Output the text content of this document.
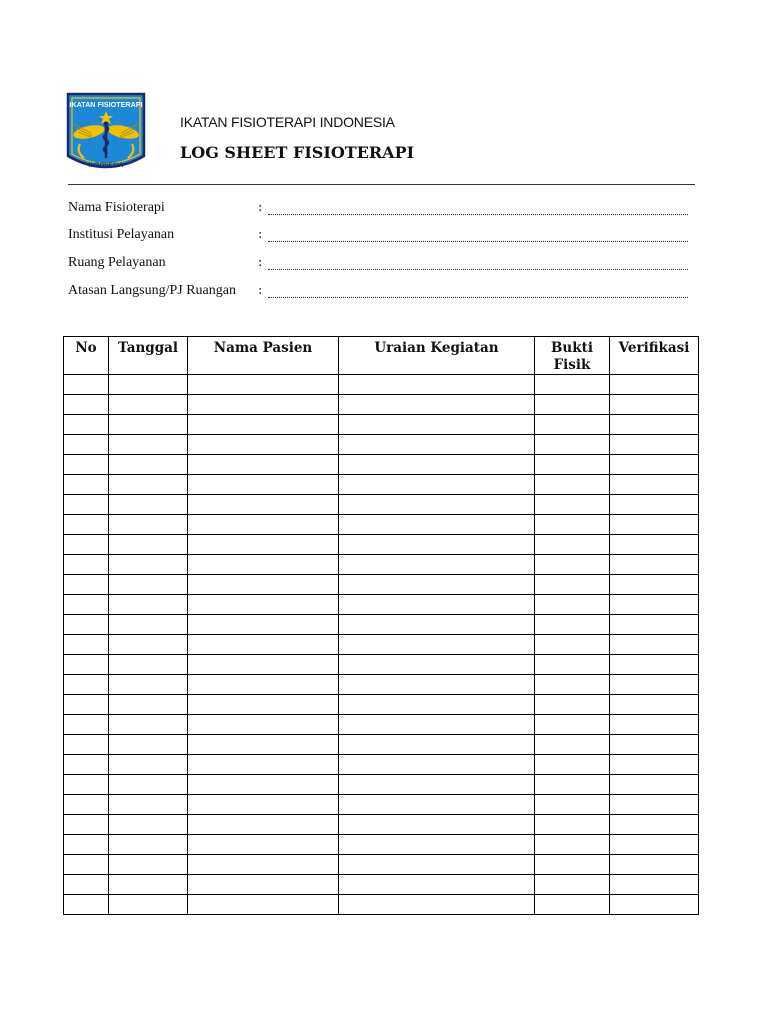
IKATAN FISIOTERAPI
INDONESIA
IKATAN FISIOTERAPI INDONESIA
LOG SHEET FISIOTERAPI
Nama Fisioterapi	:
Institusi Pelayanan	:
Ruang Pelayanan	:
Atasan Langsung/PJ Ruangan :
No	Tanggal	Nama Pasien	Uraian Kegiatan	Bukti Fisik	Verifikasi
